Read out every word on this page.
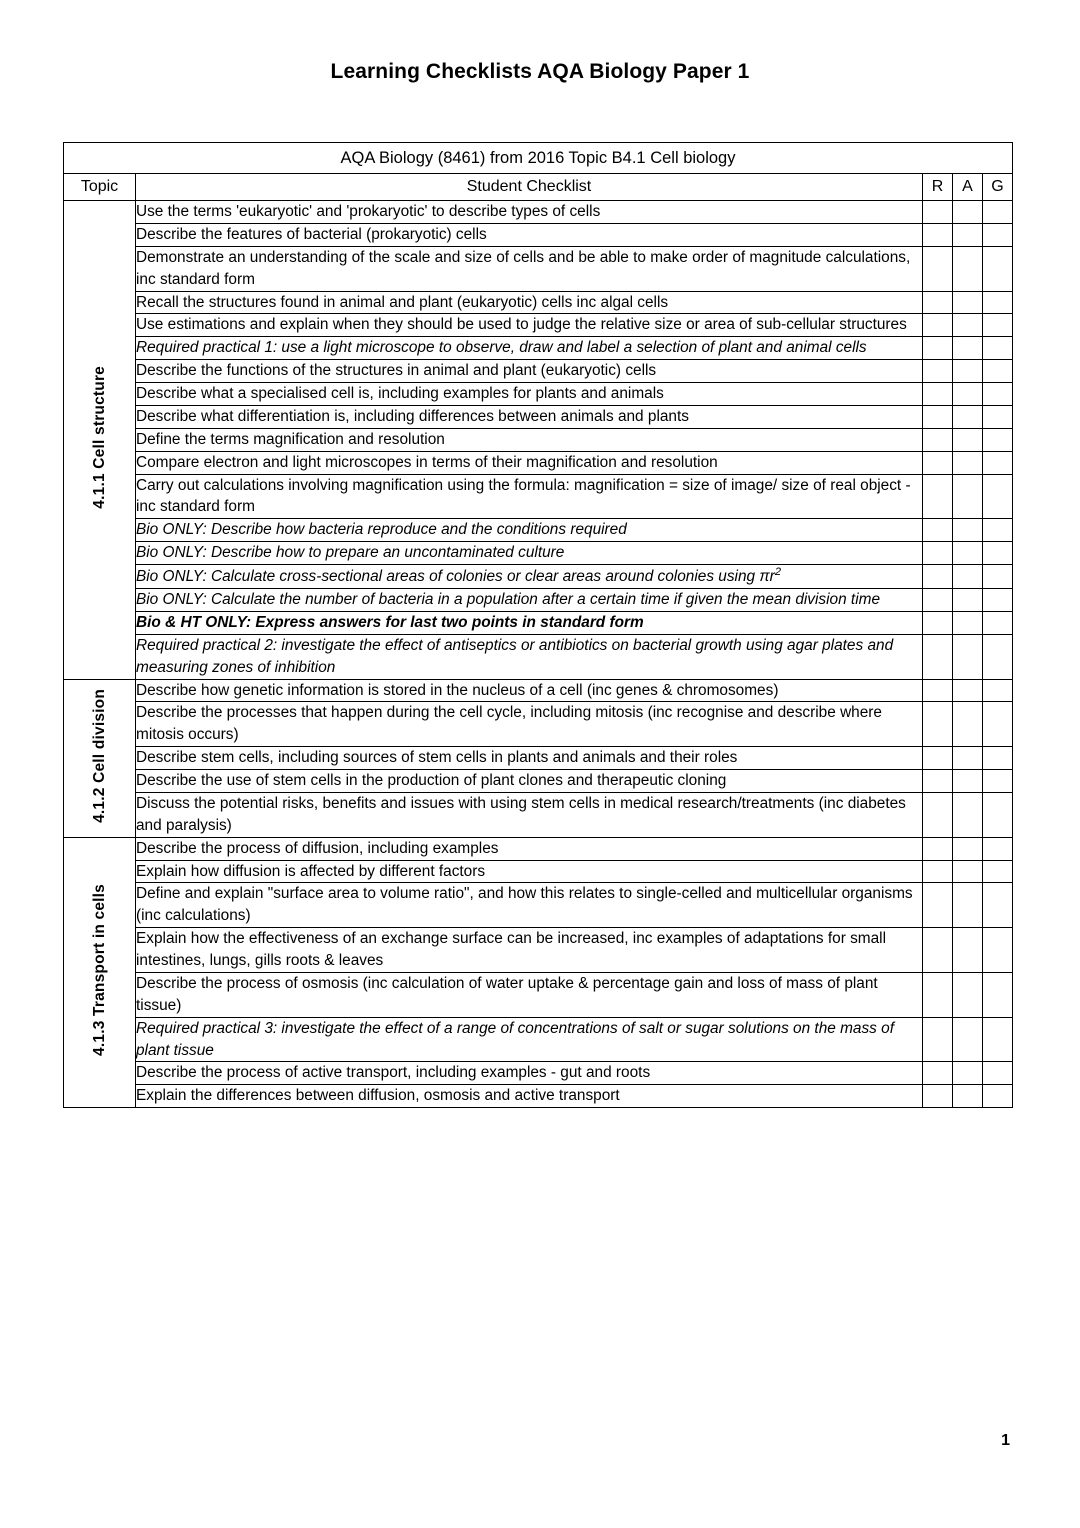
Learning Checklists AQA Biology Paper 1
AQA Biology (8461) from 2016 Topic B4.1 Cell biology				
Topic	Student Checklist	R	A	G
4.1.1 Cell structure	Use the terms 'eukaryotic' and 'prokaryotic' to describe types of cells			
	Describe the features of bacterial (prokaryotic) cells			
	Demonstrate an understanding of the scale and size of cells and be able to make order of magnitude calculations, inc standard form			
	Recall the structures found in animal and plant (eukaryotic) cells inc algal cells			
	Use estimations and explain when they should be used to judge the relative size or area of sub-cellular structures			
	Required practical 1: use a light microscope to observe, draw and label a selection of plant and animal cells			
	Describe the functions of the structures in animal and plant (eukaryotic) cells			
	Describe what a specialised cell is, including examples for plants and animals			
	Describe what differentiation is, including differences between animals and plants			
	Define the terms magnification and resolution			
	Compare electron and light microscopes in terms of their magnification and resolution			
	Carry out calculations involving magnification using the formula: magnification = size of image/ size of real object -inc standard form			
	Bio ONLY: Describe how bacteria reproduce and the conditions required			
	Bio ONLY: Describe how to prepare an uncontaminated culture			
	Bio ONLY: Calculate cross-sectional areas of colonies or clear areas around colonies using $\pi r^2$			
	Bio ONLY: Calculate the number of bacteria in a population after a certain time if given the mean division time			
	Bio & HT ONLY: Express answers for last two points in standard form			
	Required practical 2: investigate the effect of antiseptics or antibiotics on bacterial growth using agar plates and measuring zones of inhibition			
4.1.2 Cell division	Describe how genetic information is stored in the nucleus of a cell (inc genes & chromosomes)			
	Describe the processes that happen during the cell cycle, including mitosis (inc recognise and describe where mitosis occurs)			
	Describe stem cells, including sources of stem cells in plants and animals and their roles			
	Describe the use of stem cells in the production of plant clones and therapeutic cloning			
	Discuss the potential risks, benefits and issues with using stem cells in medical research/treatments (inc diabetes and paralysis)			
4.1.3 Transport in cells	Describe the process of diffusion, including examples			
	Explain how diffusion is affected by different factors			
	Define and explain "surface area to volume ratio", and how this relates to single-celled and multicellular organisms (inc calculations)			
	Explain how the effectiveness of an exchange surface can be increased, inc examples of adaptations for small intestines, lungs, gills roots & leaves			
	Describe the process of osmosis (inc calculation of water uptake & percentage gain and loss of mass of plant tissue)			
	Required practical 3: investigate the effect of a range of concentrations of salt or sugar solutions on the mass of plant tissue			
	Describe the process of active transport, including examples - gut and roots			
	Explain the differences between diffusion, osmosis and active transport			
1
